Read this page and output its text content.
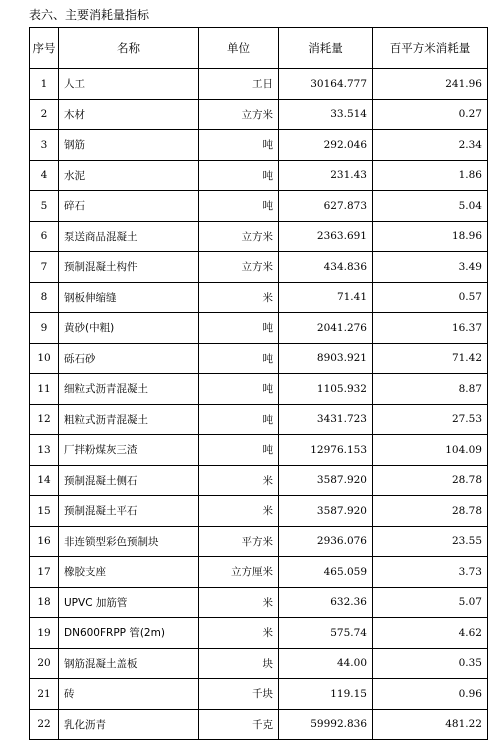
表六、主要消耗量指标
序号	名称	单位	消耗量	百平方米消耗量
1	人工	工日	30164.777	241.96
2	木材	立方米	33.514	0.27
3	钢筋	吨	292.046	2.34
4	水泥	吨	231.43	1.86
5	碎石	吨	627.873	5.04
6	泵送商品混凝土	立方米	2363.691	18.96
7	预制混凝土构件	立方米	434.836	3.49
8	钢板伸缩缝	米	71.41	0.57
9	黄砂(中粗)	吨	2041.276	16.37
10	砾石砂	吨	8903.921	71.42
11	细粒式沥青混凝土	吨	1105.932	8.87
12	粗粒式沥青混凝土	吨	3431.723	27.53
13	厂拌粉煤灰三渣	吨	12976.153	104.09
14	预制混凝土侧石	米	3587.920	28.78
15	预制混凝土平石	米	3587.920	28.78
16	非连锁型彩色预制块	平方米	2936.076	23.55
17	橡胶支座	立方厘米	465.059	3.73
18	UPVC 加筋管	米	632.36	5.07
19	DN600FRPP 管(2m)	米	575.74	4.62
20	钢筋混凝土盖板	块	44.00	0.35
21	砖	千块	119.15	0.96
22	乳化沥青	千克	59992.836	481.22
